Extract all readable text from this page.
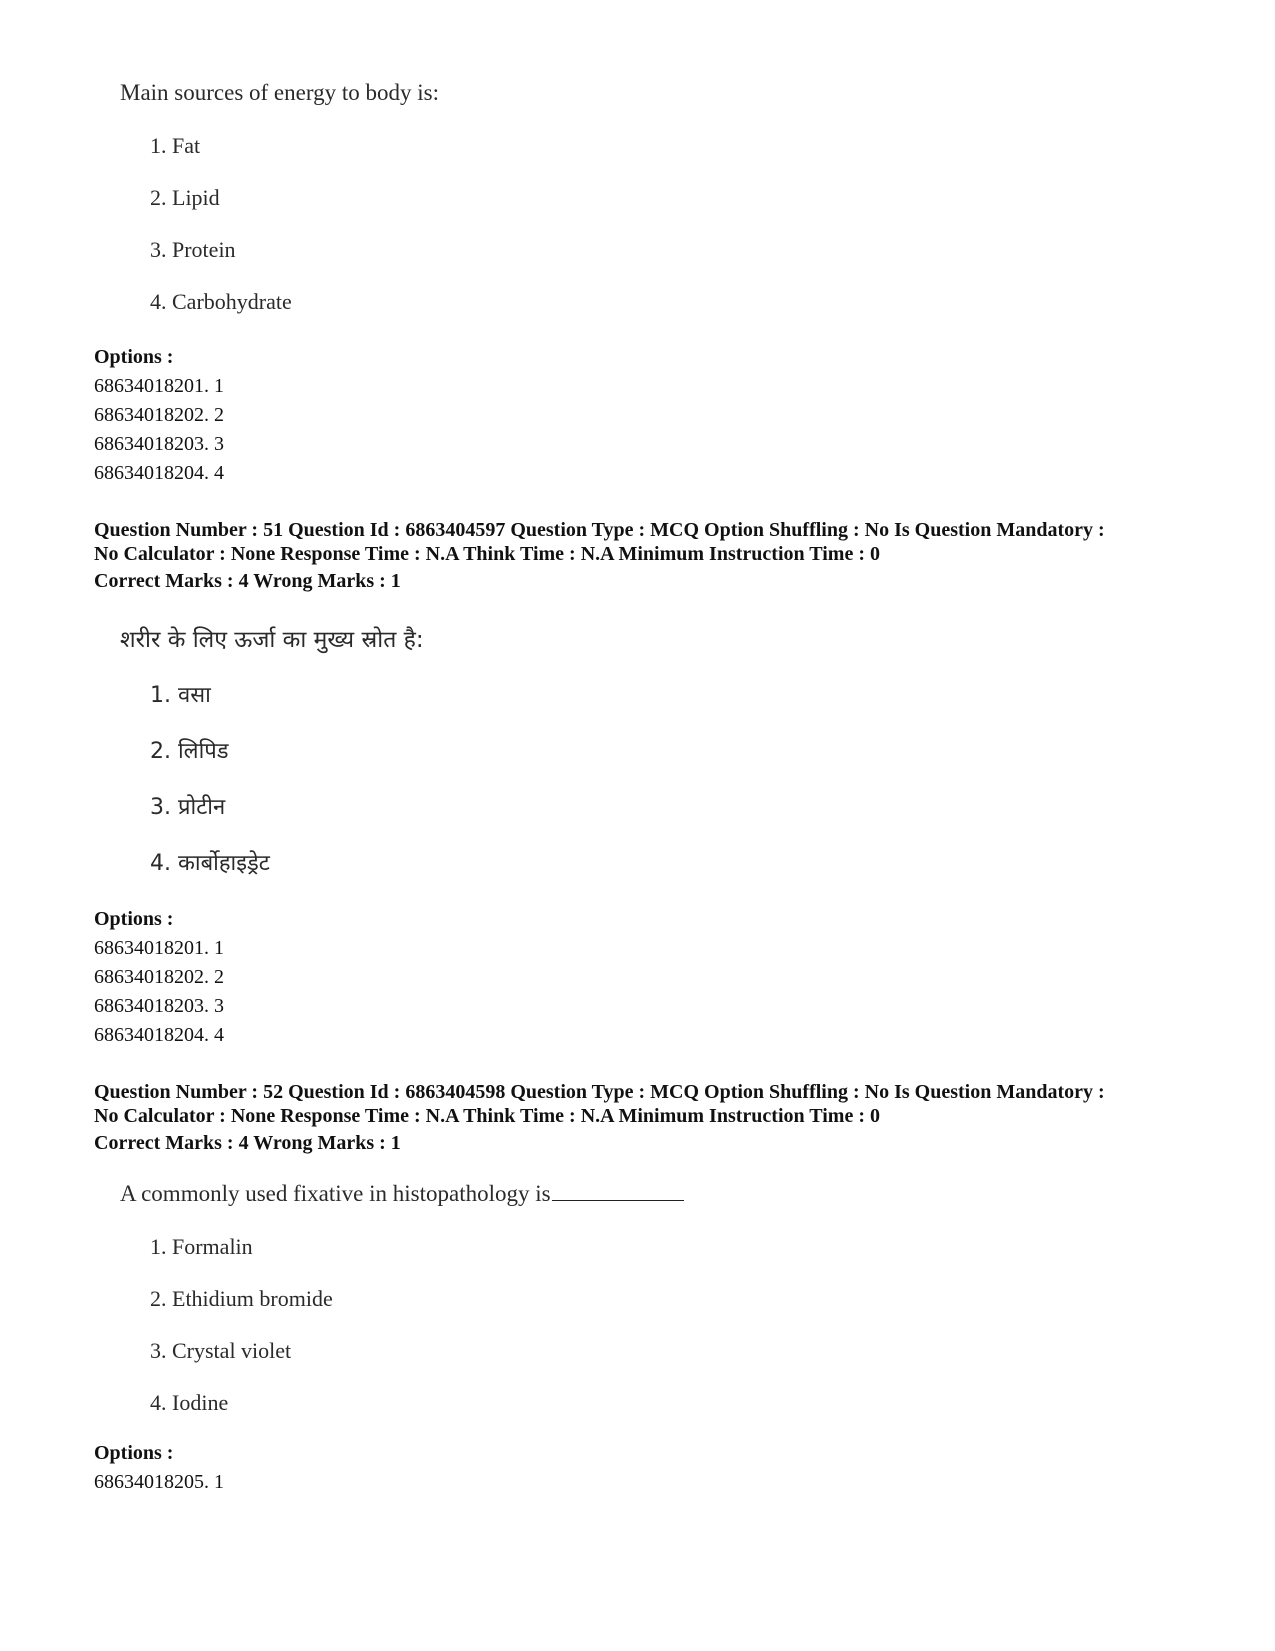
Main sources of energy to body is:

1. Fat

2. Lipid

3. Protein

4. Carbohydrate

Options :

68634018201. 1

68634018202. 2

68634018203. 3

68634018204. 4

Question Number : 51 Question Id : 6863404597 Question Type : MCQ Option Shuffling : No Is Question Mandatory :

No Calculator : None Response Time : N.A Think Time : N.A Minimum Instruction Time : 0

Correct Marks : 4 Wrong Marks : 1

शरीर के लिए ऊर्जा का मुख्य स्रोत है:

1. वसा

2. लिपिड

3. प्रोटीन

4. कार्बोहाइड्रेट

Options :

68634018201. 1

68634018202. 2

68634018203. 3

68634018204. 4

Question Number : 52 Question Id : 6863404598 Question Type : MCQ Option Shuffling : No Is Question Mandatory :

No Calculator : None Response Time : N.A Think Time : N.A Minimum Instruction Time : 0

Correct Marks : 4 Wrong Marks : 1

A commonly used fixative in histopathology is

1. Formalin

2. Ethidium bromide

3. Crystal violet

4. Iodine

Options :

68634018205. 1
